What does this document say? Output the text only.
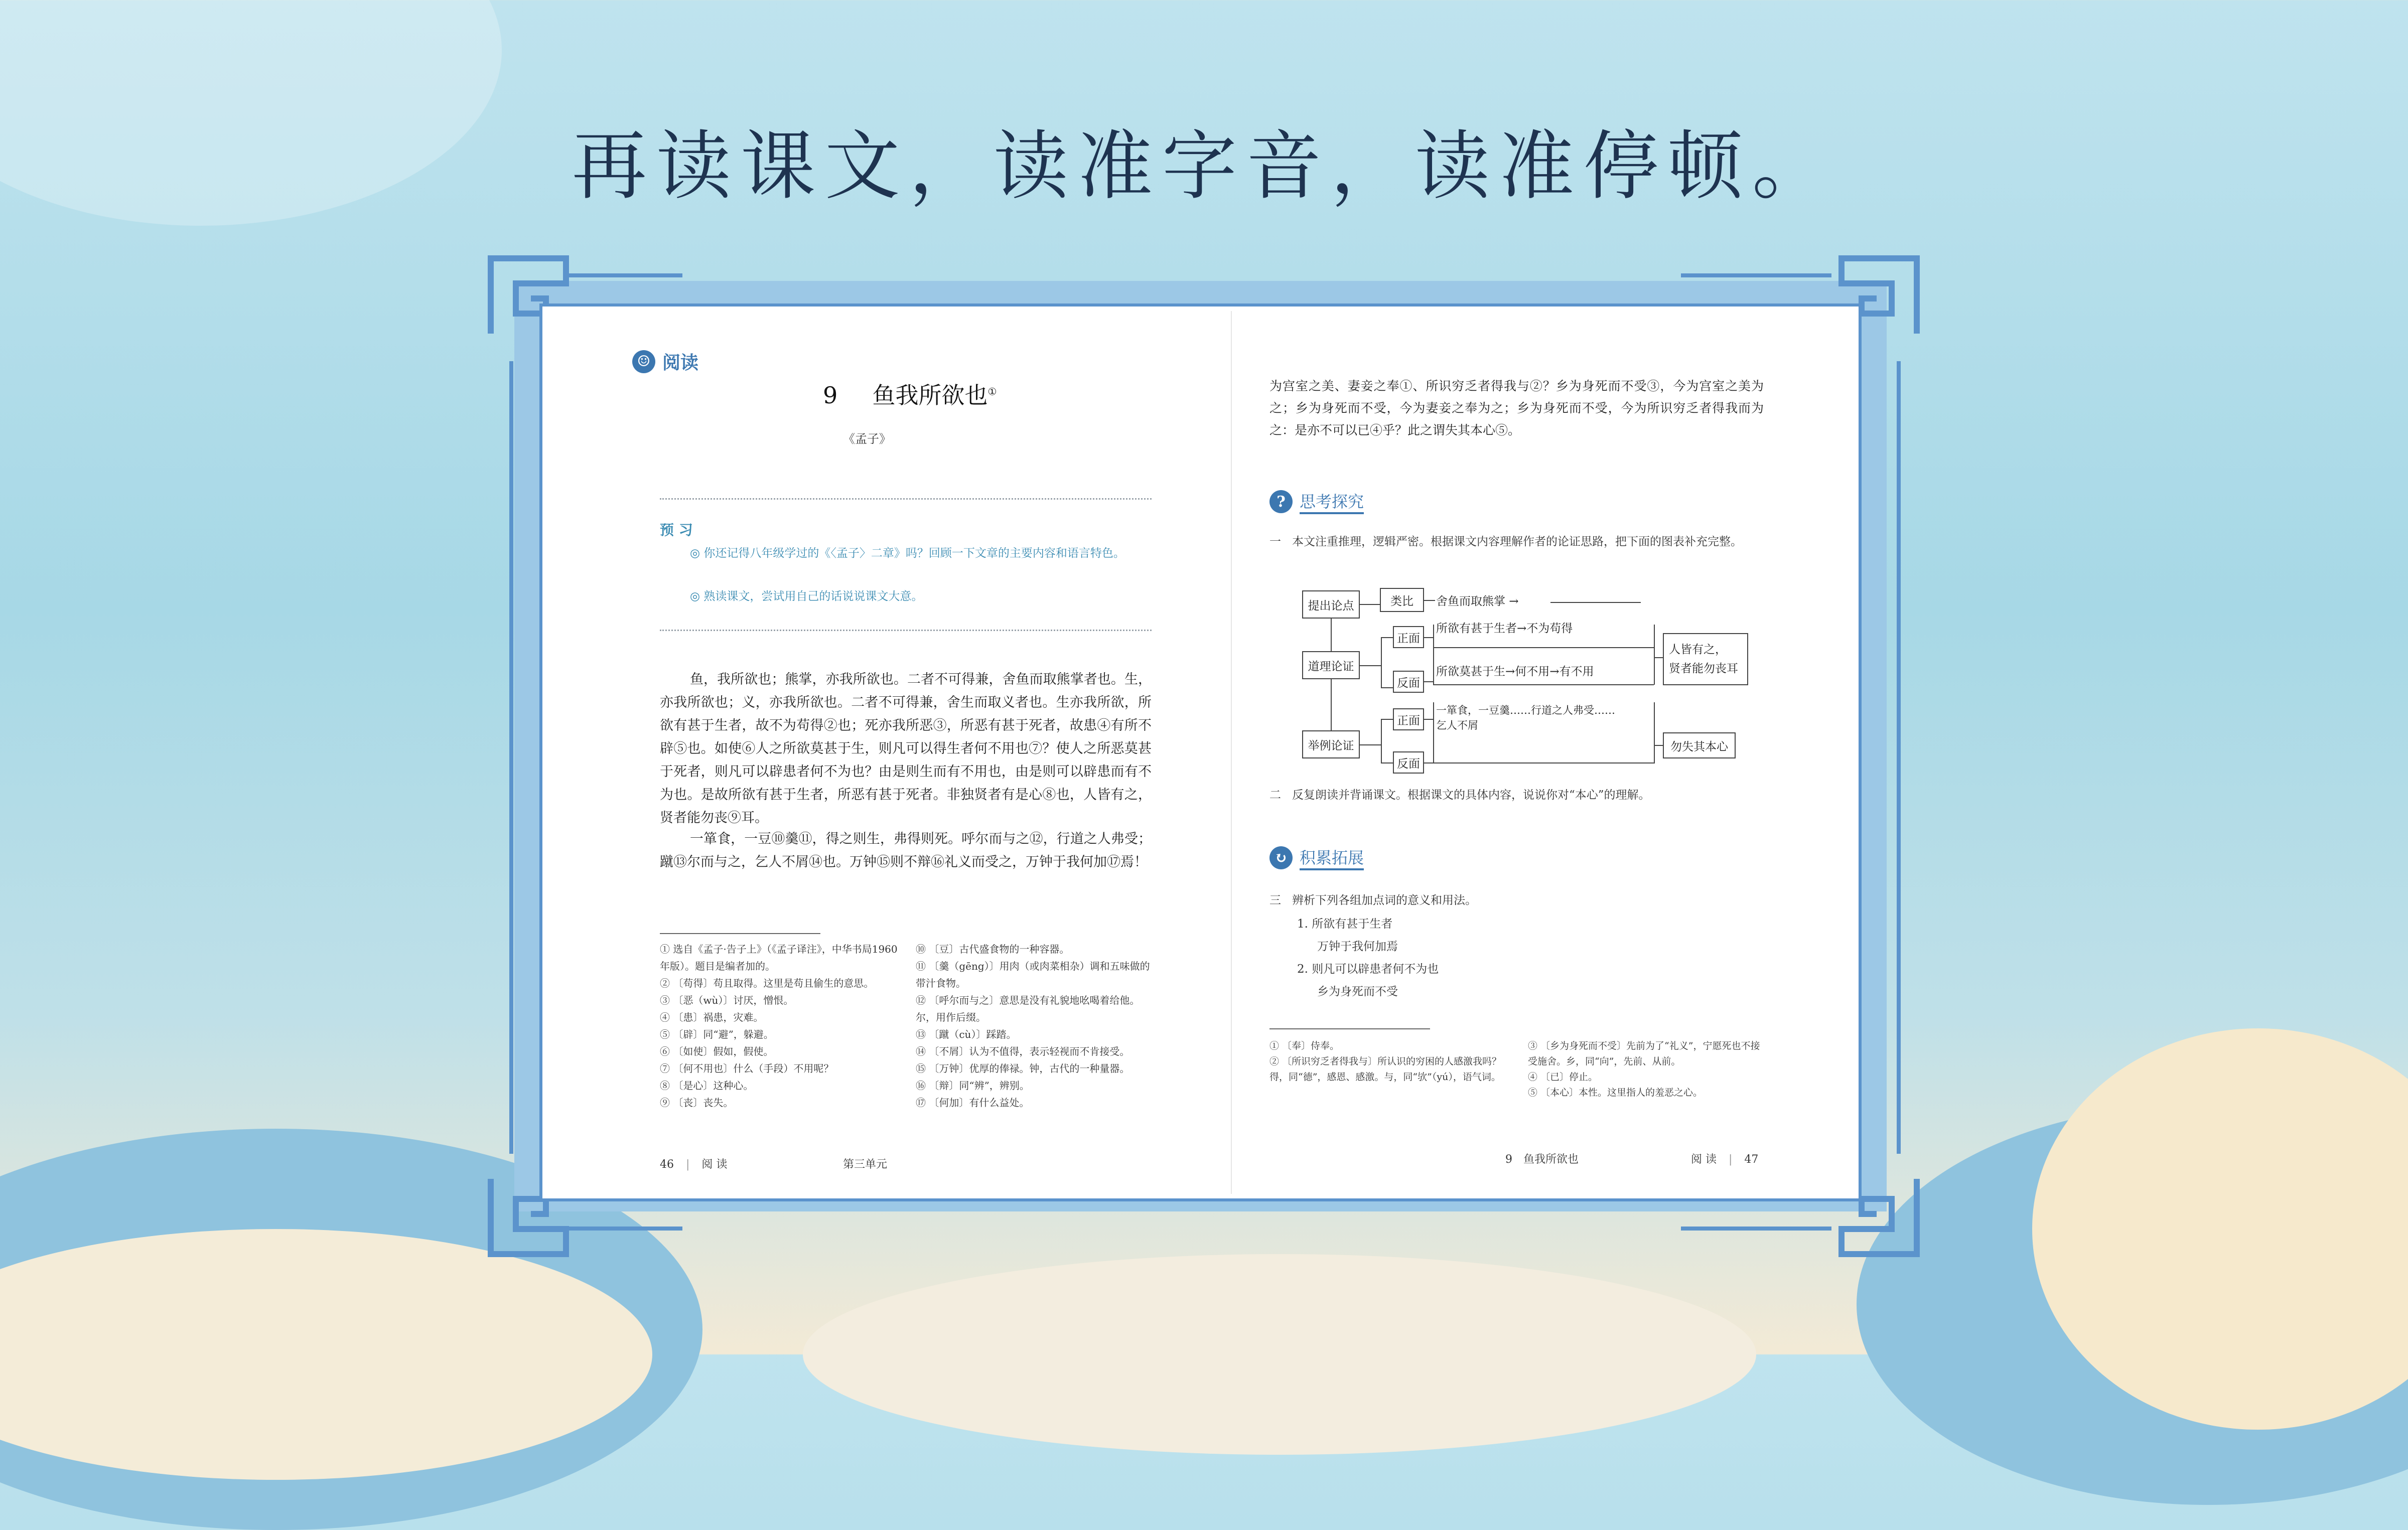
再读课文，读准字音，读准停顿。
☺ 阅读
9 鱼我所欲也①
《孟子》
预 习
◎ 你还记得八年级学过的《〈孟子〉二章》吗？回顾一下文章的主要内容和语言特色。
◎ 熟读课文，尝试用自己的话说说课文大意。
鱼，我所欲也；熊掌，亦我所欲也。二者不可得兼，舍鱼而取熊掌者也。生，亦我所欲也；义，亦我所欲也。二者不可得兼，舍生而取义者也。生亦我所欲，所欲有甚于生者，故不为苟得②也；死亦我所恶③，所恶有甚于死者，故患④有所不辟⑤也。如使⑥人之所欲莫甚于生，则凡可以得生者何不用也⑦？使人之所恶莫甚于死者，则凡可以辟患者何不为也？由是则生而有不用也，由是则可以辟患而有不为也。是故所欲有甚于生者，所恶有甚于死者。非独贤者有是心⑧也，人皆有之，贤者能勿丧⑨耳。
一箪食，一豆⑩羹⑪，得之则生，弗得则死。呼尔而与之⑫，行道之人弗受；蹴⑬尔而与之，乞人不屑⑭也。万钟⑮则不辩⑯礼义而受之，万钟于我何加⑰焉！
① 选自《孟子·告子上》（《孟子译注》，中华书局1960年版）。题目是编者加的。
② 〔苟得〕苟且取得。这里是苟且偷生的意思。
③ 〔恶（wù）〕讨厌，憎恨。
④ 〔患〕祸患，灾难。
⑤ 〔辟〕同“避”，躲避。
⑥ 〔如使〕假如，假使。
⑦ 〔何不用也〕什么（手段）不用呢？
⑧ 〔是心〕这种心。
⑨ 〔丧〕丧失。
⑩ 〔豆〕古代盛食物的一种容器。
⑪ 〔羹（gēng）〕用肉（或肉菜相杂）调和五味做的带汁食物。
⑫ 〔呼尔而与之〕意思是没有礼貌地吆喝着给他。尔，用作后缀。
⑬ 〔蹴（cù）〕踩踏。
⑭ 〔不屑〕认为不值得，表示轻视而不肯接受。
⑮ 〔万钟〕优厚的俸禄。钟，古代的一种量器。
⑯ 〔辩〕同“辨”，辨别。
⑰ 〔何加〕有什么益处。
46 | 阅 读	第三单元
为宫室之美、妻妾之奉①、所识穷乏者得我与②？乡为身死而不受③，今为宫室之美为之；乡为身死而不受，今为妻妾之奉为之；乡为身死而不受，今为所识穷乏者得我而为之：是亦不可以已④乎？此之谓失其本心⑤。
? 思考探究
一 本文注重推理，逻辑严密。根据课文内容理解作者的论证思路，把下面的图表补充完整。
提出论点	类比	舍鱼而取熊掌 →
道理论证
正面
反面
所欲有甚于生者→不为苟得
所欲莫甚于生→何不用→有不用
人皆有之，
贤者能勿丧耳
举例论证
正面
反面
一箪食，一豆羹……行道之人弗受……
乞人不屑
勿失其本心
二 反复朗读并背诵课文。根据课文的具体内容，说说你对“本心”的理解。
↻ 积累拓展
三 辨析下列各组加点词的意义和用法。
1. 所欲有甚于生者
万钟于我何加焉
2. 则凡可以辟患者何不为也
乡为身死而不受
① 〔奉〕侍奉。
② 〔所识穷乏者得我与〕所认识的穷困的人感激我吗？得，同“德”，感恩、感激。与，同“欤”（yú），语气词。
③ 〔乡为身死而不受〕先前为了“礼义”，宁愿死也不接受施舍。乡，同“向”，先前、从前。
④ 〔已〕停止。
⑤ 〔本心〕本性。这里指人的羞恶之心。
9　鱼我所欲也	阅 读 | 47
